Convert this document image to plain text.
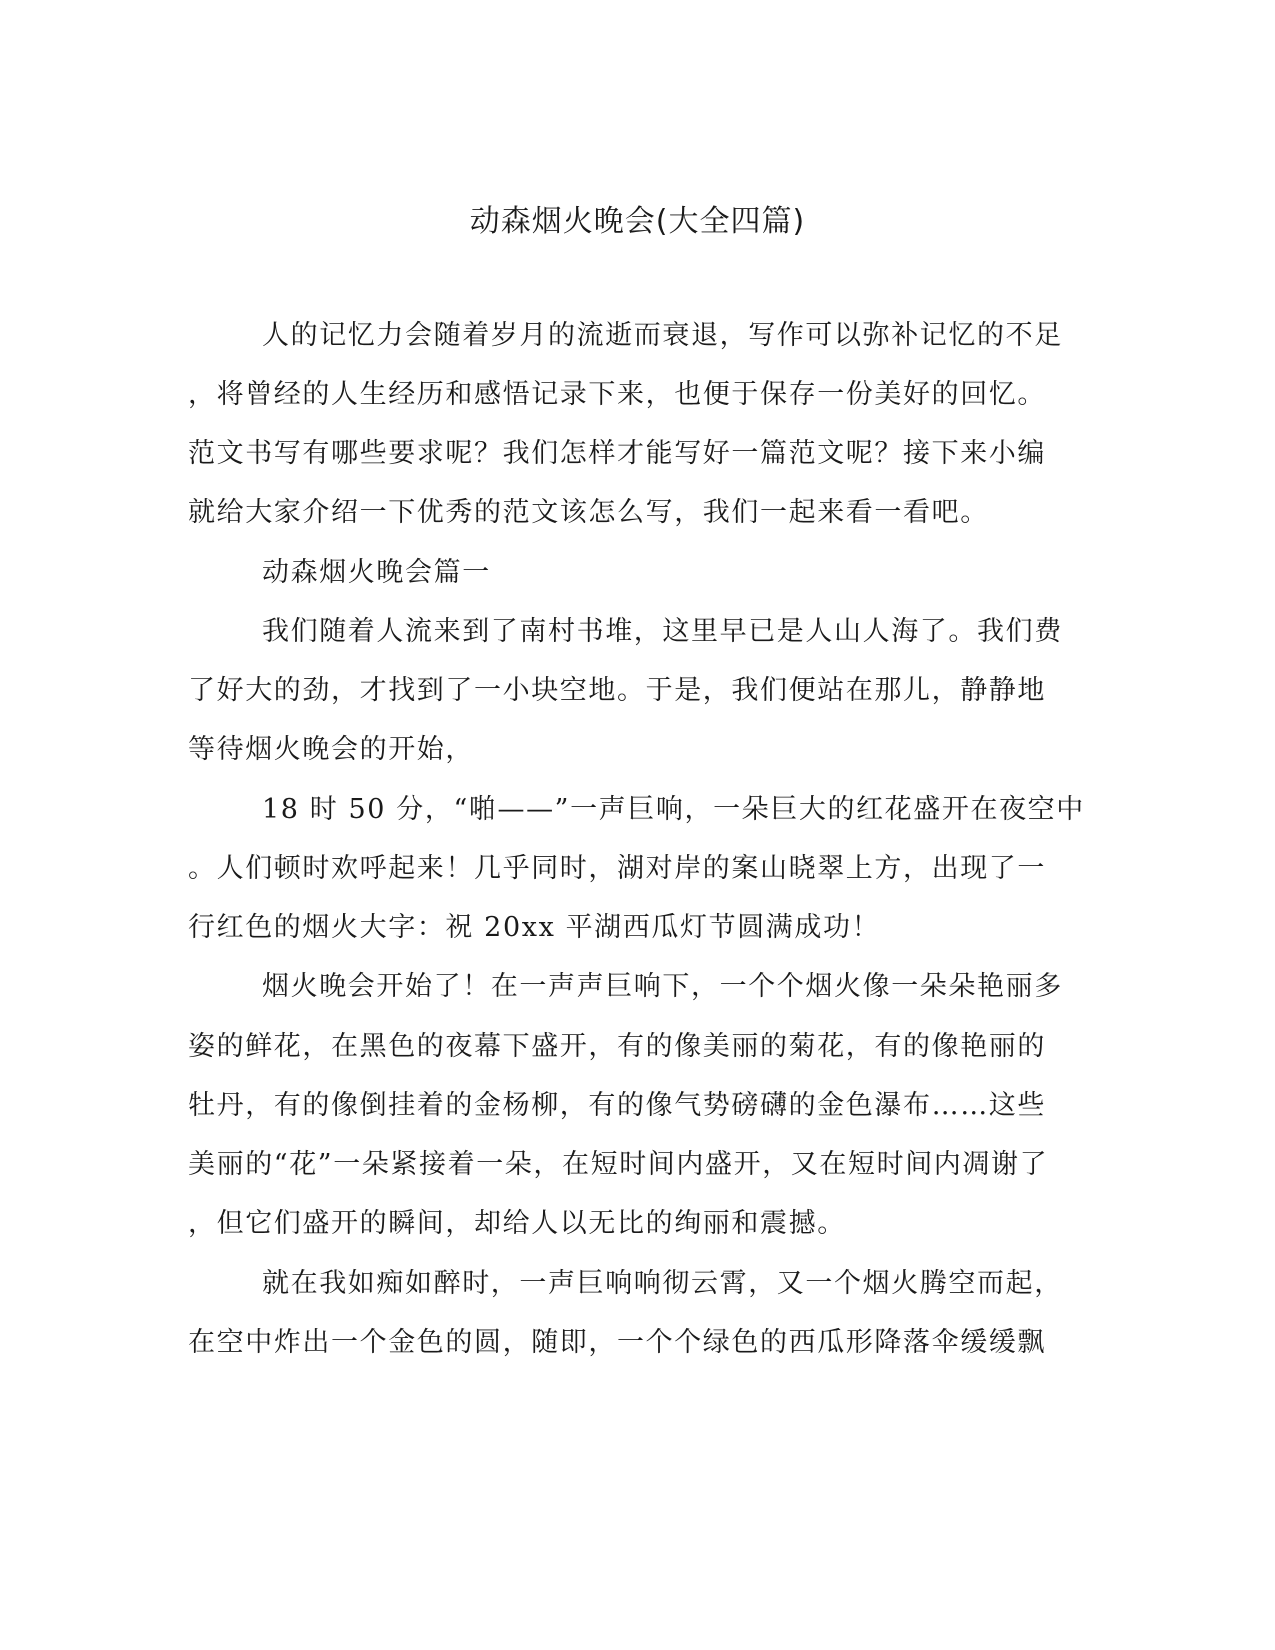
动森烟火晚会(大全四篇)
人的记忆力会随着岁月的流逝而衰退，写作可以弥补记忆的不足
，将曾经的人生经历和感悟记录下来，也便于保存一份美好的回忆。
范文书写有哪些要求呢？我们怎样才能写好一篇范文呢？接下来小编
就给大家介绍一下优秀的范文该怎么写，我们一起来看一看吧。
动森烟火晚会篇一
我们随着人流来到了南村书堆，这里早已是人山人海了。我们费
了好大的劲，才找到了一小块空地。于是，我们便站在那儿，静静地
等待烟火晚会的开始，
18 时 50 分，“啪——”一声巨响，一朵巨大的红花盛开在夜空中
。人们顿时欢呼起来！几乎同时，湖对岸的案山晓翠上方，出现了一
行红色的烟火大字：祝 20xx 平湖西瓜灯节圆满成功！
烟火晚会开始了！在一声声巨响下，一个个烟火像一朵朵艳丽多
姿的鲜花，在黑色的夜幕下盛开，有的像美丽的菊花，有的像艳丽的
牡丹，有的像倒挂着的金杨柳，有的像气势磅礴的金色瀑布……这些
美丽的“花”一朵紧接着一朵，在短时间内盛开，又在短时间内凋谢了
，但它们盛开的瞬间，却给人以无比的绚丽和震撼。
就在我如痴如醉时，一声巨响响彻云霄，又一个烟火腾空而起，
在空中炸出一个金色的圆，随即，一个个绿色的西瓜形降落伞缓缓飘
